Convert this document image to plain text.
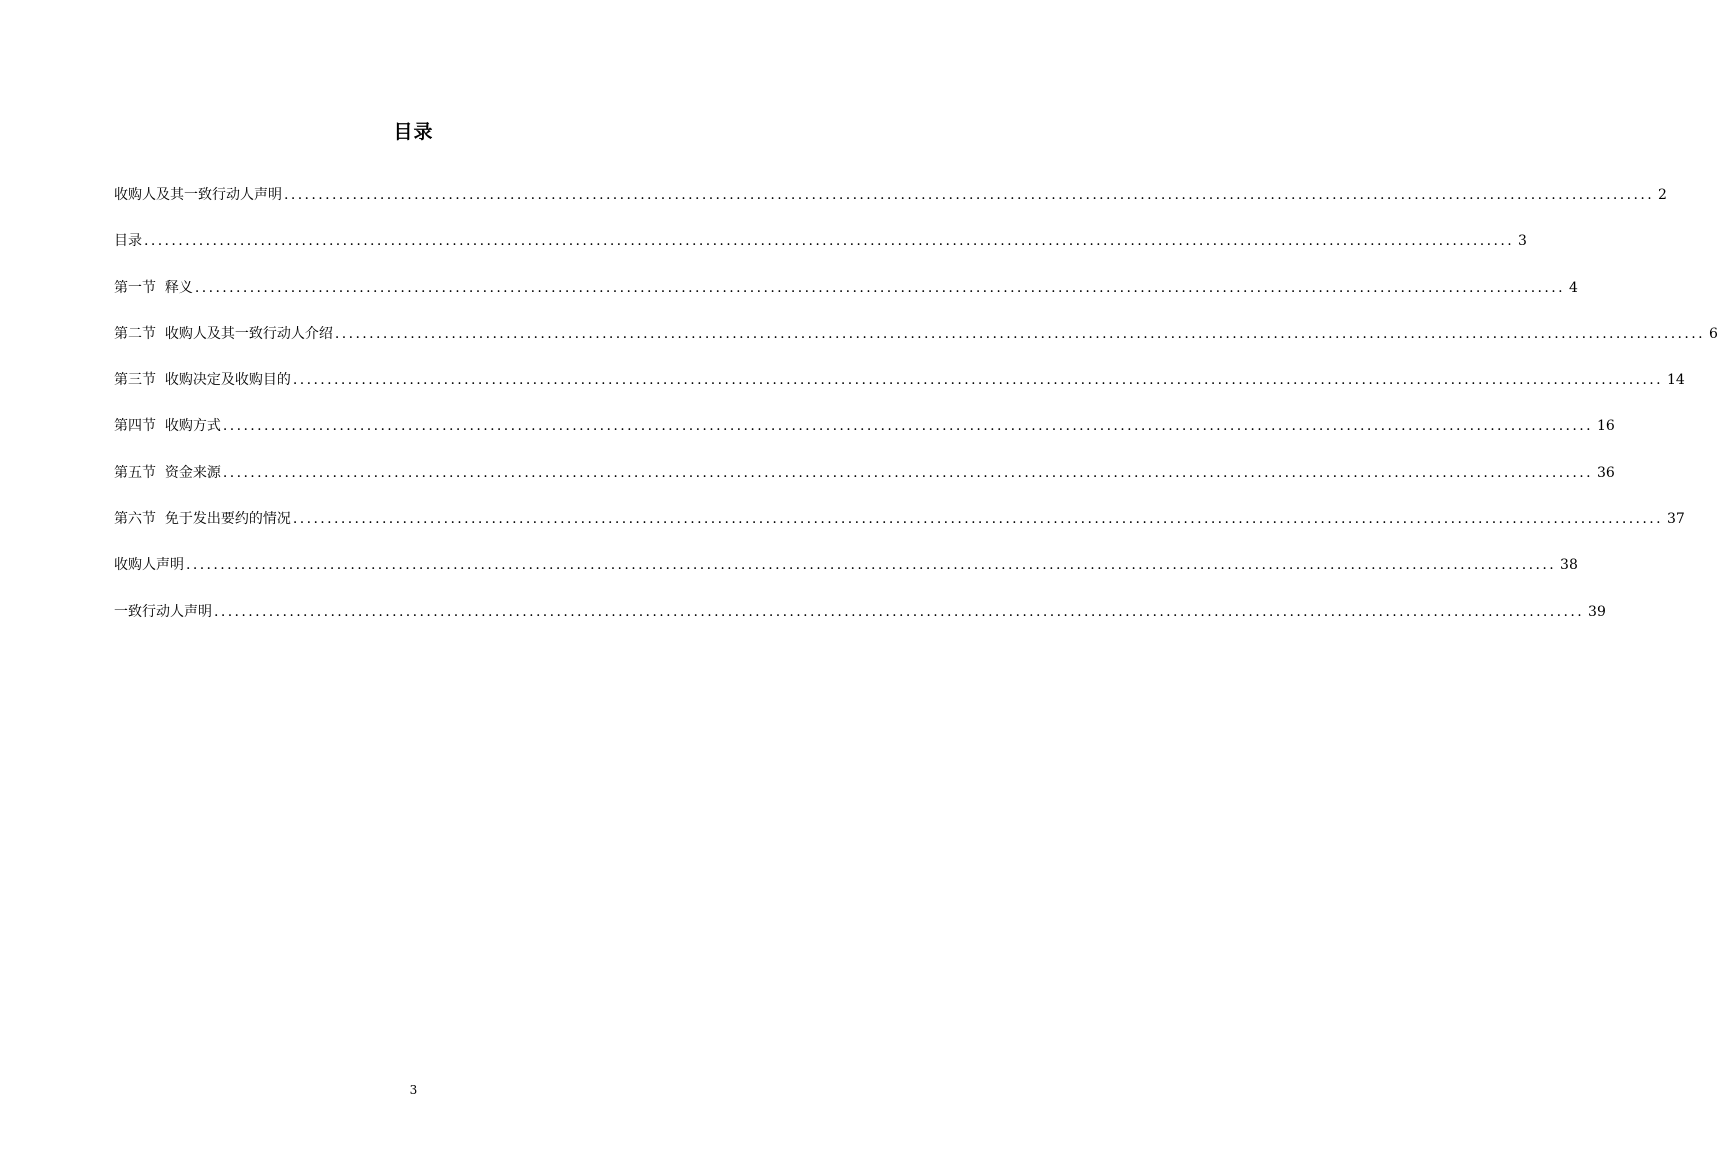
目录
收购人及其一致行动人声明 ........................................................................................................................................................................................................ 2
目录 ........................................................................................................................................................................................................ 3
第一节  释义 ........................................................................................................................................................................................................ 4
第二节  收购人及其一致行动人介绍 ........................................................................................................................................................................................................ 6
第三节  收购决定及收购目的 ........................................................................................................................................................................................................ 14
第四节  收购方式 ........................................................................................................................................................................................................ 16
第五节  资金来源 ........................................................................................................................................................................................................ 36
第六节  免于发出要约的情况 ........................................................................................................................................................................................................ 37
收购人声明 ........................................................................................................................................................................................................ 38
一致行动人声明 ........................................................................................................................................................................................................ 39
3
